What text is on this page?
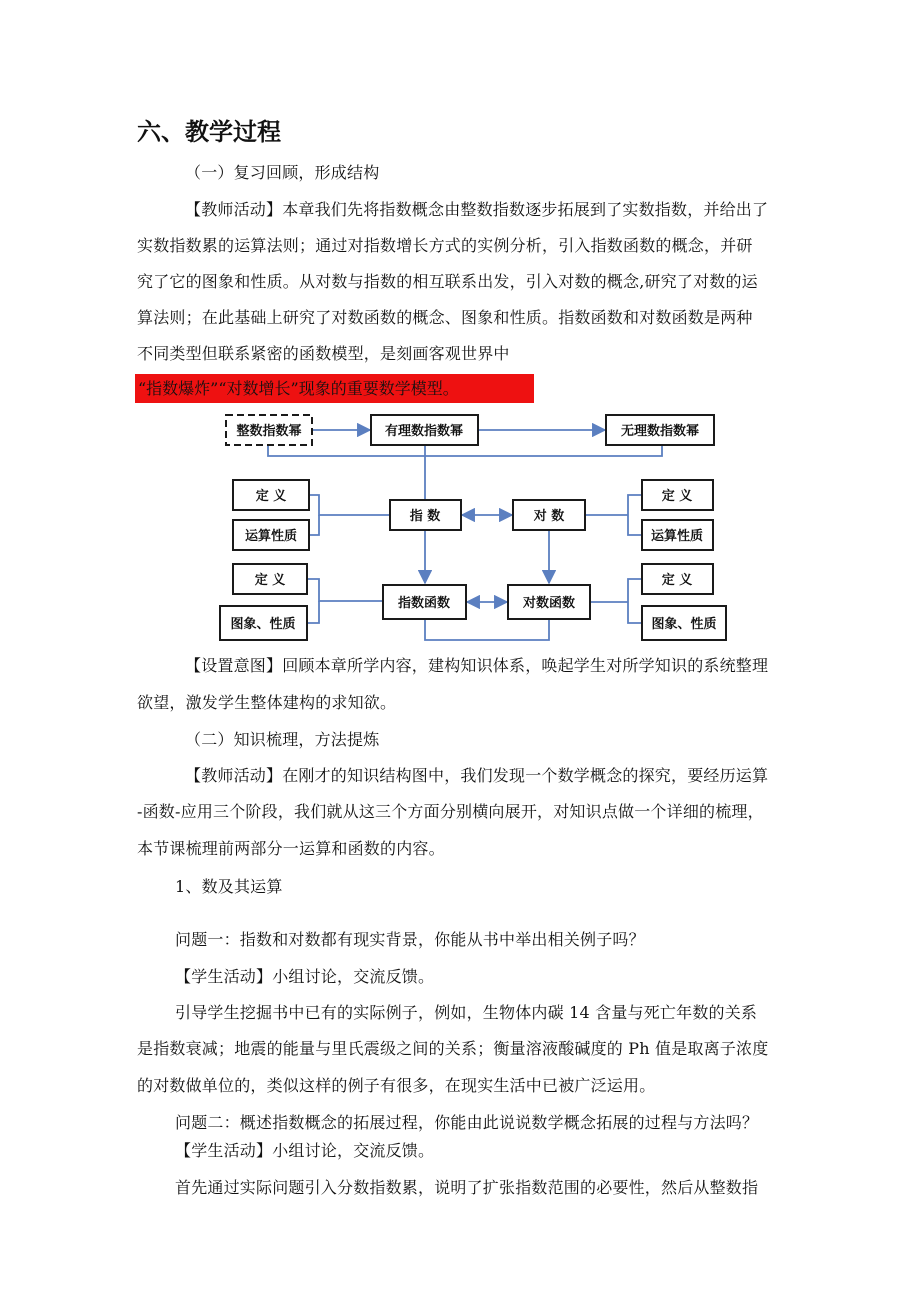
六、教学过程
（一）复习回顾，形成结构
【教师活动】本章我们先将指数概念由整数指数逐步拓展到了实数指数，并给出了
实数指数累的运算法则；通过对指数增长方式的实例分析，引入指数函数的概念，并研
究了它的图象和性质。从对数与指数的相互联系出发，引入对数的概念,研究了对数的运
算法则；在此基础上研究了对数函数的概念、图象和性质。指数函数和对数函数是两种
不同类型但联系紧密的函数模型，是刻画客观世界中
“指数爆炸”“对数增长”现象的重要数学模型。
整数指数幂	有理数指数幂	无理数指数幂
定 义
运算性质
指 数	对 数
定 义
运算性质
定 义
图象、性质
指数函数	对数函数
定 义
图象、性质
【设置意图】回顾本章所学内容，建构知识体系，唤起学生对所学知识的系统整理
欲望，激发学生整体建构的求知欲。
（二）知识梳理，方法提炼
【教师活动】在刚才的知识结构图中，我们发现一个数学概念的探究，要经历运算
-函数-应用三个阶段，我们就从这三个方面分别横向展开，对知识点做一个详细的梳理，
本节课梳理前两部分一运算和函数的内容。
1、数及其运算
问题一：指数和对数都有现实背景，你能从书中举出相关例子吗？
【学生活动】小组讨论，交流反馈。
引导学生挖掘书中已有的实际例子，例如，生物体内碳 14 含量与死亡年数的关系
是指数衰减；地震的能量与里氏震级之间的关系；衡量溶液酸碱度的 Ph 值是取离子浓度
的对数做单位的，类似这样的例子有很多，在现实生活中已被广泛运用。
问题二：概述指数概念的拓展过程，你能由此说说数学概念拓展的过程与方法吗？
【学生活动】小组讨论，交流反馈。
首先通过实际问题引入分数指数累，说明了扩张指数范围的必要性，然后从整数指
